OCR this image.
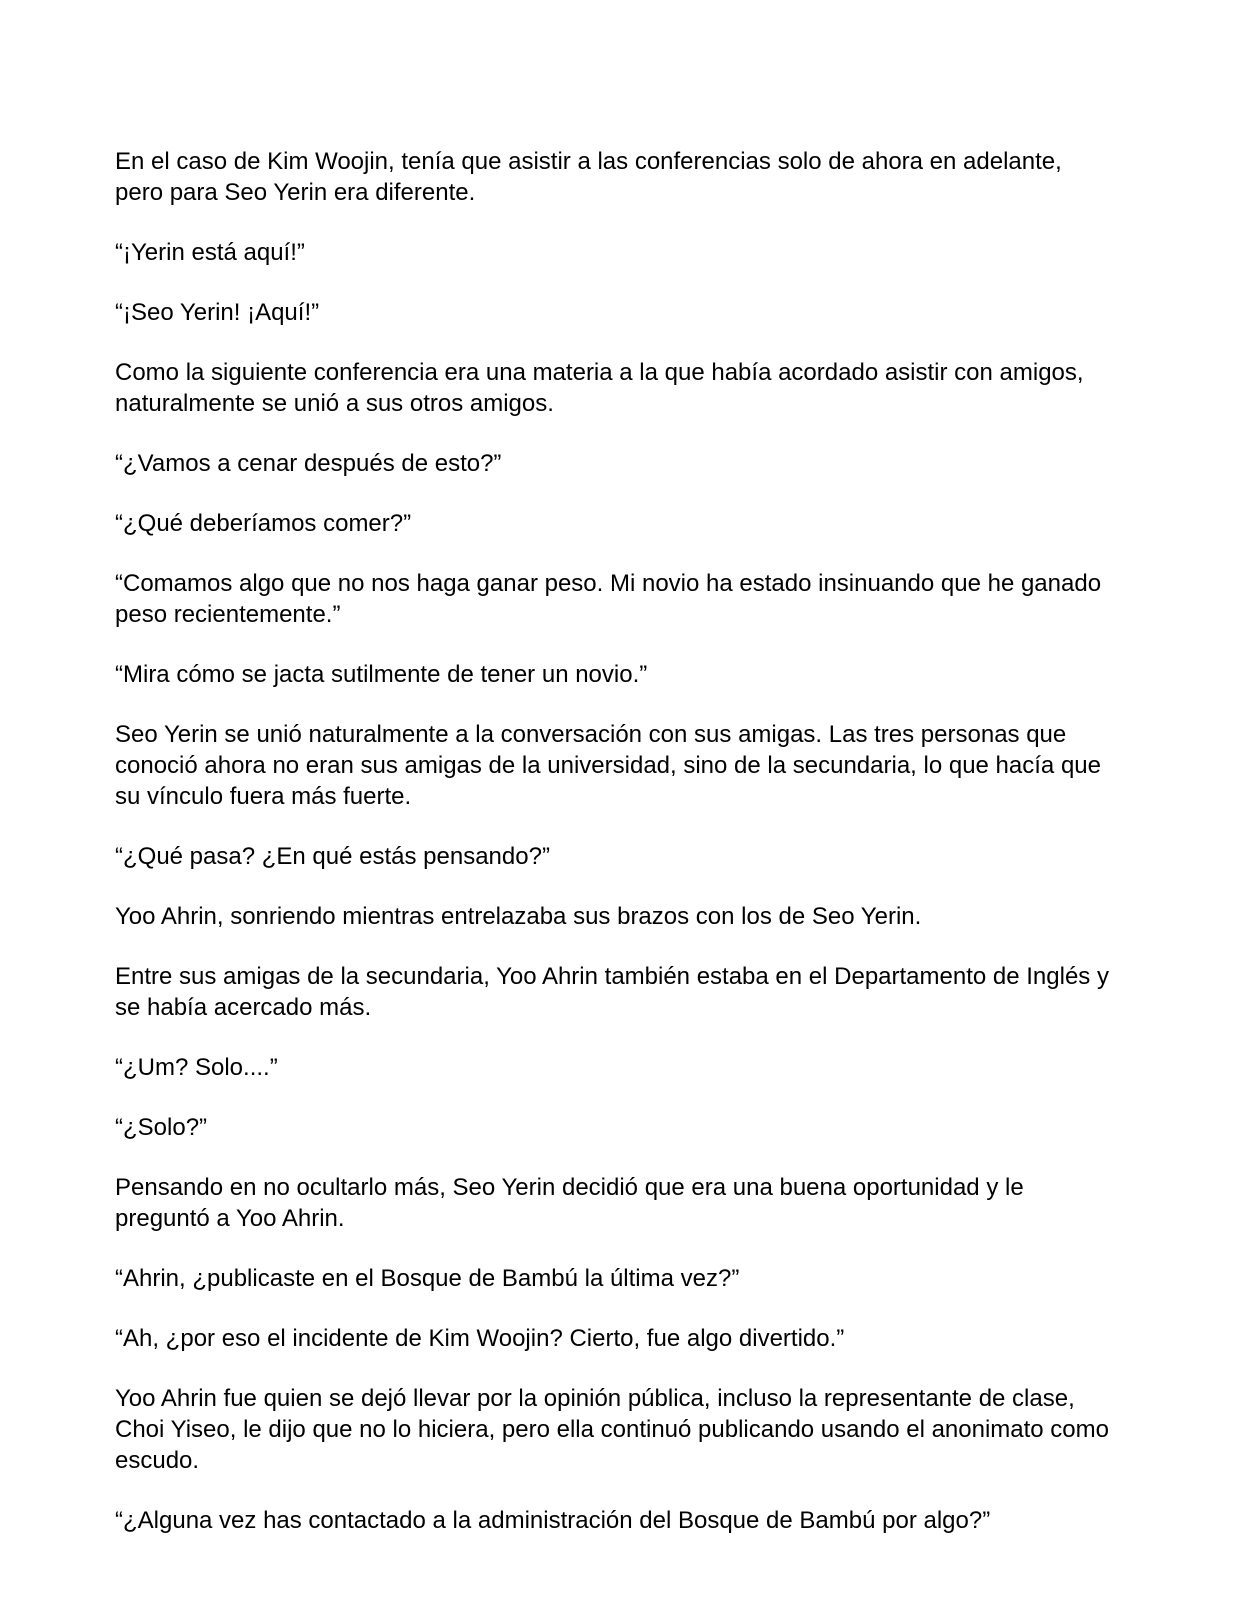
En el caso de Kim Woojin, tenía que asistir a las conferencias solo de ahora en adelante, pero para Seo Yerin era diferente.

“¡Yerin está aquí!”

“¡Seo Yerin! ¡Aquí!”

Como la siguiente conferencia era una materia a la que había acordado asistir con amigos, naturalmente se unió a sus otros amigos.

“¿Vamos a cenar después de esto?”

“¿Qué deberíamos comer?”

“Comamos algo que no nos haga ganar peso. Mi novio ha estado insinuando que he ganado peso recientemente.”

“Mira cómo se jacta sutilmente de tener un novio.”

Seo Yerin se unió naturalmente a la conversación con sus amigas. Las tres personas que conoció ahora no eran sus amigas de la universidad, sino de la secundaria, lo que hacía que su vínculo fuera más fuerte.

“¿Qué pasa? ¿En qué estás pensando?”

Yoo Ahrin, sonriendo mientras entrelazaba sus brazos con los de Seo Yerin.

Entre sus amigas de la secundaria, Yoo Ahrin también estaba en el Departamento de Inglés y se había acercado más.

“¿Um? Solo....”

“¿Solo?”

Pensando en no ocultarlo más, Seo Yerin decidió que era una buena oportunidad y le preguntó a Yoo Ahrin.

“Ahrin, ¿publicaste en el Bosque de Bambú la última vez?”

“Ah, ¿por eso el incidente de Kim Woojin? Cierto, fue algo divertido.”

Yoo Ahrin fue quien se dejó llevar por la opinión pública, incluso la representante de clase, Choi Yiseo, le dijo que no lo hiciera, pero ella continuó publicando usando el anonimato como escudo.

“¿Alguna vez has contactado a la administración del Bosque de Bambú por algo?”
